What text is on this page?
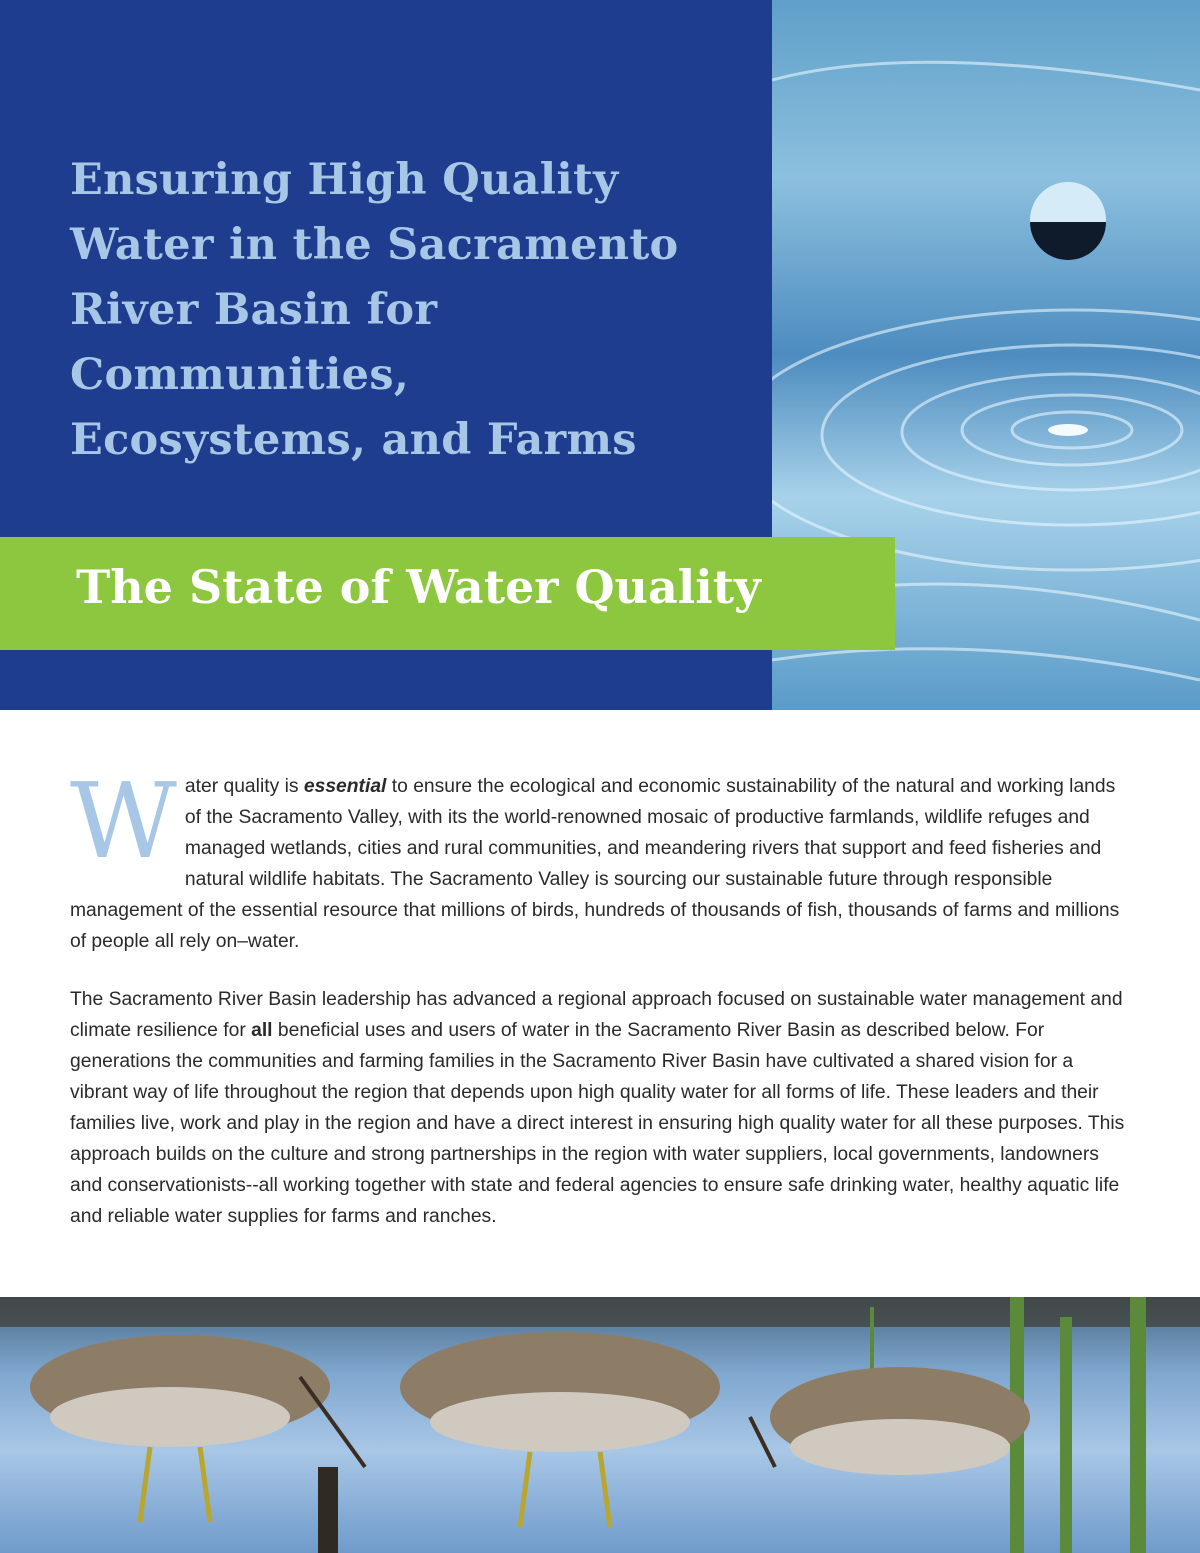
Ensuring High Quality
Water in the Sacramento
River Basin for
Communities,
Ecosystems, and Farms
The State of Water Quality

Water quality is essential to ensure the ecological and economic sustainability of the natural and working lands of the Sacramento Valley, with its the world-renowned mosaic of productive farmlands, wildlife refuges and managed wetlands, cities and rural communities, and meandering rivers that support and feed fisheries and natural wildlife habitats. The Sacramento Valley is sourcing our sustainable future through responsible management of the essential resource that millions of birds, hundreds of thousands of fish, thousands of farms and millions of people all rely on–water.

The Sacramento River Basin leadership has advanced a regional approach focused on sustainable water management and climate resilience for all beneficial uses and users of water in the Sacramento River Basin as described below. For generations the communities and farming families in the Sacramento River Basin have cultivated a shared vision for a vibrant way of life throughout the region that depends upon high quality water for all forms of life. These leaders and their families live, work and play in the region and have a direct interest in ensuring high quality water for all these purposes. This approach builds on the culture and strong partnerships in the region with water suppliers, local governments, landowners and conservationists--all working together with state and federal agencies to ensure safe drinking water, healthy aquatic life and reliable water supplies for farms and ranches.
